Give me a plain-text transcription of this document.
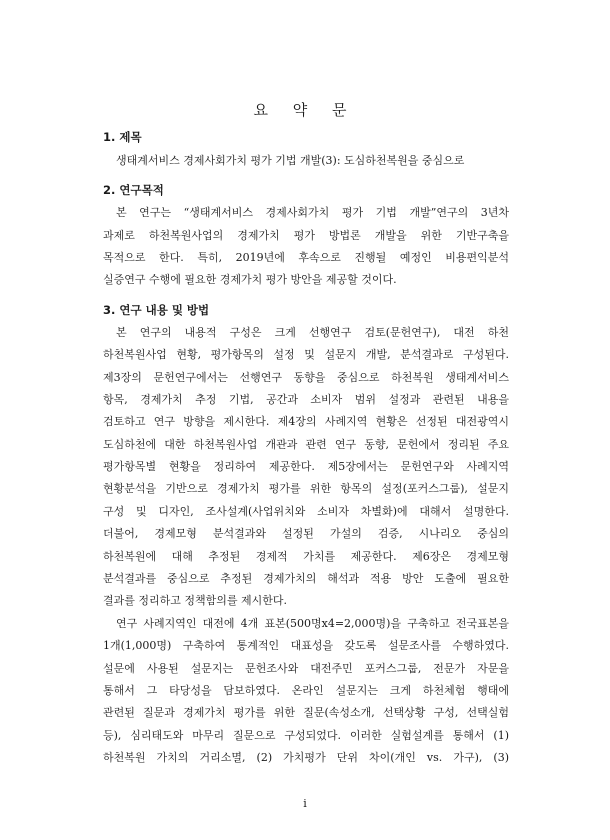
요 약 문
1. 제목
생태계서비스 경제사회가치 평가 기법 개발(3): 도심하천복원을 중심으로
2. 연구목적
본 연구는 “생태계서비스 경제사회가치 평가 기법 개발”연구의 3년차
과제로 하천복원사업의 경제가치 평가 방법론 개발을 위한 기반구축을
목적으로 한다. 특히, 2019년에 후속으로 진행될 예정인 비용편익분석
실증연구 수행에 필요한 경제가치 평가 방안을 제공할 것이다.
3. 연구 내용 및 방법
본 연구의 내용적 구성은 크게 선행연구 검토(문헌연구), 대전 하천
하천복원사업 현황, 평가항목의 설정 및 설문지 개발, 분석결과로 구성된다.
제3장의 문헌연구에서는 선행연구 동향을 중심으로 하천복원 생태계서비스
항목, 경제가치 추정 기법, 공간과 소비자 범위 설정과 관련된 내용을
검토하고 연구 방향을 제시한다. 제4장의 사례지역 현황은 선정된 대전광역시
도심하천에 대한 하천복원사업 개관과 관련 연구 동향, 문헌에서 정리된 주요
평가항목별 현황을 정리하여 제공한다. 제5장에서는 문헌연구와 사례지역
현황분석을 기반으로 경제가치 평가를 위한 항목의 설정(포커스그룹), 설문지
구성 및 디자인, 조사설계(사업위치와 소비자 차별화)에 대해서 설명한다.
더불어, 경제모형 분석결과와 설정된 가설의 검증, 시나리오 중심의
하천복원에 대해 추정된 경제적 가치를 제공한다. 제6장은 경제모형
분석결과를 중심으로 추정된 경제가치의 해석과 적용 방안 도출에 필요한
결과를 정리하고 정책함의를 제시한다.
연구 사례지역인 대전에 4개 표본(500명x4=2,000명)을 구축하고 전국표본을
1개(1,000명) 구축하여 통계적인 대표성을 갖도록 설문조사를 수행하였다.
설문에 사용된 설문지는 문헌조사와 대전주민 포커스그룹, 전문가 자문을
통해서 그 타당성을 담보하였다. 온라인 설문지는 크게 하천체험 행태에
관련된 질문과 경제가치 평가를 위한 질문(속성소개, 선택상황 구성, 선택실험
등), 심리태도와 마무리 질문으로 구성되었다. 이러한 실험설계를 통해서 (1)
하천복원 가치의 거리소멸, (2) 가치평가 단위 차이(개인 vs. 가구), (3)
i
